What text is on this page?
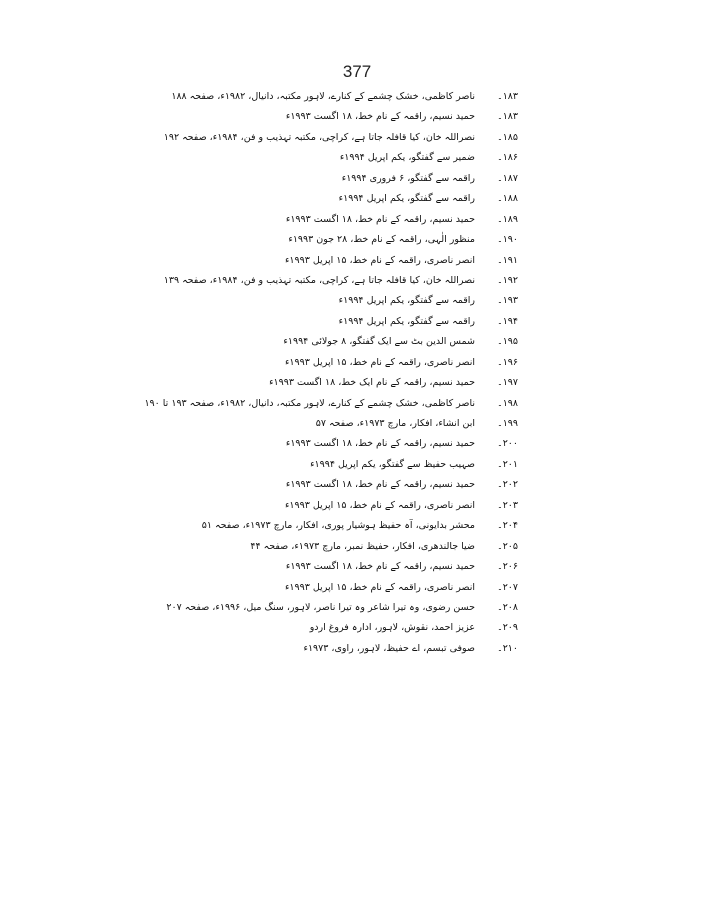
377
۱۸۳۔
ناصر کاظمی، خشک چشمے کے کنارے، لاہور مکتبہ، دانیال، ۱۹۸۲ء، صفحہ ۱۸۸
۱۸۳۔
حمید نسیم، راقمہ کے نام خط، ۱۸ اگست ۱۹۹۳ء
۱۸۵۔
نصراللہ خان، کیا قافلہ جاتا ہے، کراچی، مکتبہ تہذیب و فن، ۱۹۸۴ء، صفحہ ۱۹۲
۱۸۶۔
ضمیر سے گفتگو، یکم اپریل ۱۹۹۴ء
۱۸۷۔
راقمہ سے گفتگو، ۶ فروری ۱۹۹۴ء
۱۸۸۔
راقمہ سے گفتگو، یکم اپریل ۱۹۹۴ء
۱۸۹۔
حمید نسیم، راقمہ کے نام خط، ۱۸ اگست ۱۹۹۳ء
۱۹۰۔
منظور الٰہی، راقمہ کے نام خط، ۲۸ جون ۱۹۹۳ء
۱۹۱۔
انصر ناصری، راقمہ کے نام خط، ۱۵ اپریل ۱۹۹۳ء
۱۹۲۔
نصراللہ خان، کیا قافلہ جاتا ہے، کراچی، مکتبہ تہذیب و فن، ۱۹۸۴ء، صفحہ ۱۳۹
۱۹۳۔
راقمہ سے گفتگو، یکم اپریل ۱۹۹۴ء
۱۹۴۔
راقمہ سے گفتگو، یکم اپریل ۱۹۹۴ء
۱۹۵۔
شمس الدین بٹ سے ایک گفتگو، ۸ جولائی ۱۹۹۴ء
۱۹۶۔
انصر ناصری، راقمہ کے نام خط، ۱۵ اپریل ۱۹۹۳ء
۱۹۷۔
حمید نسیم، راقمہ کے نام ایک خط، ۱۸ اگست ۱۹۹۳ء
۱۹۸۔
ناصر کاظمی، خشک چشمے کے کنارے، لاہور مکتبہ، دانیال، ۱۹۸۲ء، صفحہ ۱۹۳ تا ۱۹۰
۱۹۹۔
ابن انشاء، افکار، مارچ ۱۹۷۳ء، صفحہ ۵۷
۲۰۰۔
حمید نسیم، راقمہ کے نام خط، ۱۸ اگست ۱۹۹۳ء
۲۰۱۔
صہیب حفیظ سے گفتگو، یکم اپریل ۱۹۹۴ء
۲۰۲۔
حمید نسیم، راقمہ کے نام خط، ۱۸ اگست ۱۹۹۳ء
۲۰۳۔
انصر ناصری، راقمہ کے نام خط، ۱۵ اپریل ۱۹۹۳ء
۲۰۴۔
محشر بدایونی، آہ حفیظ ہوشیار پوری، افکار، مارچ ۱۹۷۳ء، صفحہ ۵۱
۲۰۵۔
ضیا جالندھری، افکار، حفیظ نمبر، مارچ ۱۹۷۳ء، صفحہ ۴۴
۲۰۶۔
حمید نسیم، راقمہ کے نام خط، ۱۸ اگست ۱۹۹۳ء
۲۰۷۔
انصر ناصری، راقمہ کے نام خط، ۱۵ اپریل ۱۹۹۳ء
۲۰۸۔
حسن رضوی، وہ تیرا شاعر وہ تیرا ناصر، لاہور، سنگ میل، ۱۹۹۶ء، صفحہ ۲۰۷
۲۰۹۔
عزیز احمد، نقوش، لاہور، ادارہ فروغ اردو
۲۱۰۔
صوفی تبسم، اے حفیظ، لاہور، راوی، ۱۹۷۳ء
